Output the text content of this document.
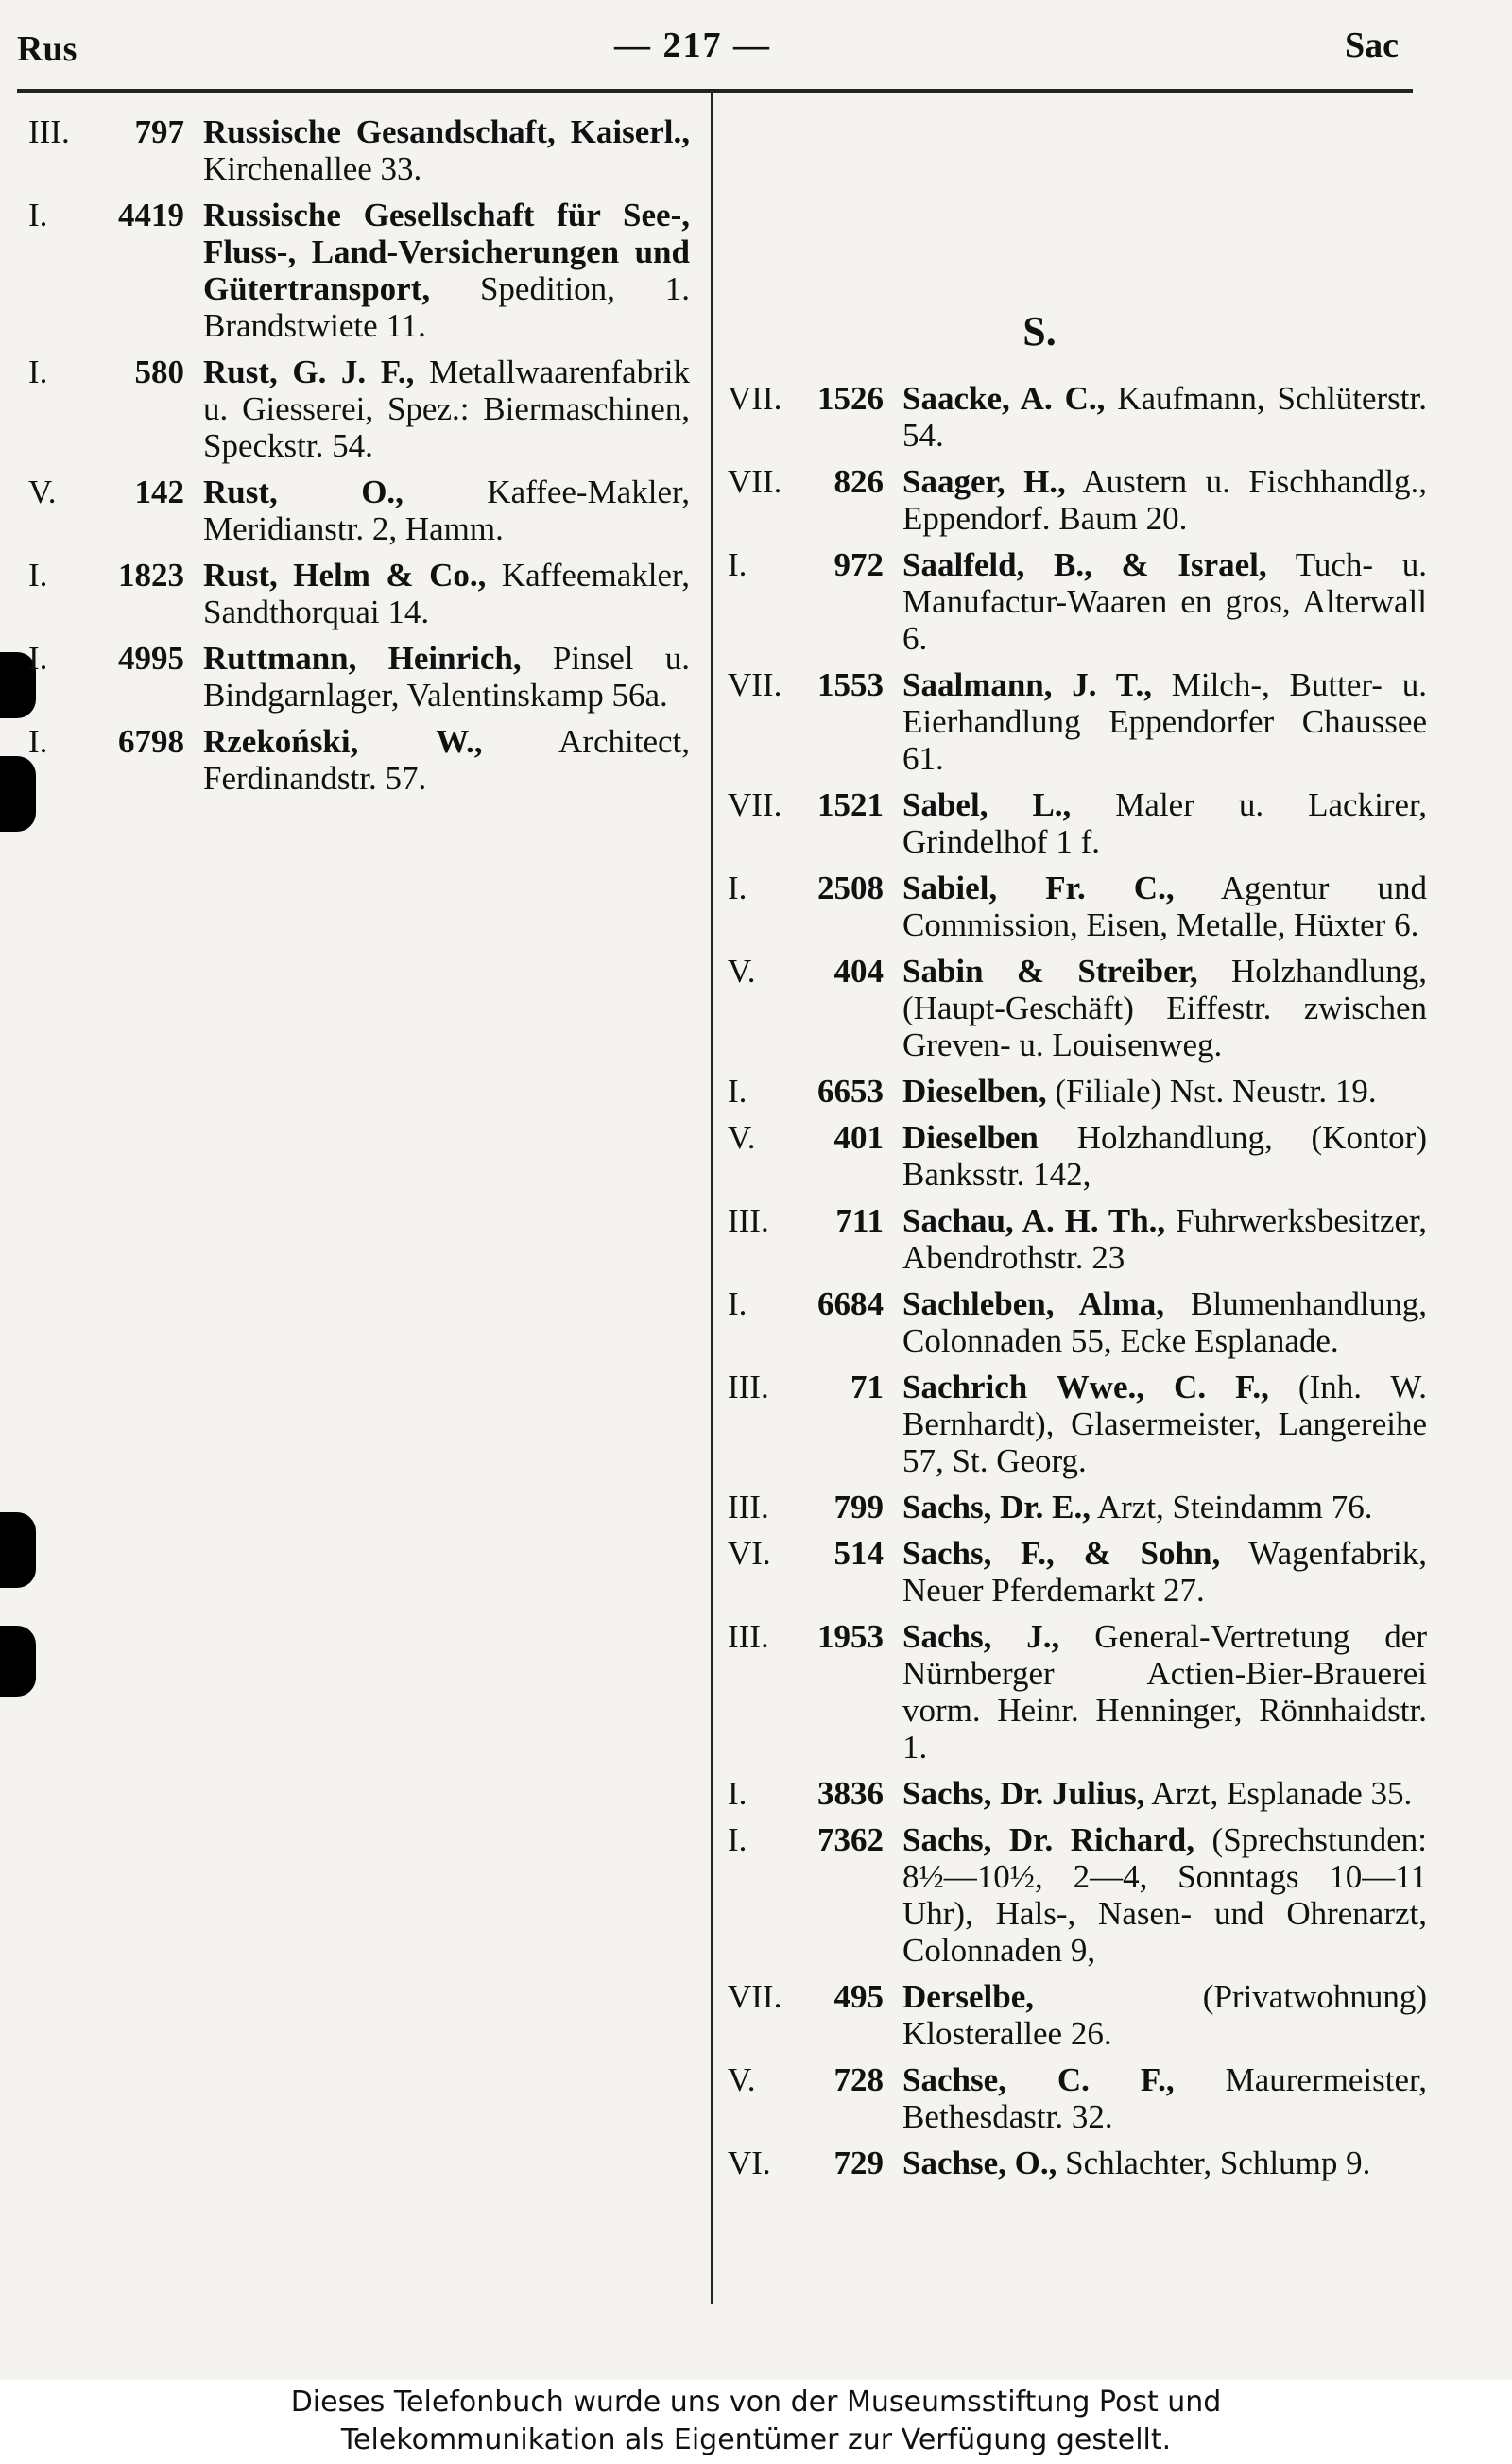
Rus	— 217 —	Sac
III.	797 Russische Gesandschaft, Kaiserl., Kirchenallee 33.
I.	4419 Russische Gesellschaft für See-, Fluss-, Land-Versicherungen und Gütertransport, Spedition, 1. Brandstwiete 11.
I.	580 Rust, G. J. F., Metallwaarenfabrik u. Giesserei, Spez.: Biermaschinen, Speckstr. 54.
V.	142 Rust, O., Kaffee-Makler, Meridianstr. 2, Hamm.
I.	1823 Rust, Helm & Co., Kaffeemakler, Sandthorquai 14.
I.	4995 Ruttmann, Heinrich, Pinsel u. Bindgarnlager, Valentinskamp 56a.
I.	6798 Rzekoński, W., Architect, Ferdinandstr. 57.
S.
VII.	1526 Saacke, A. C., Kaufmann, Schlüterstr. 54.
VII.	826 Saager, H., Austern u. Fischhandlg., Eppendorf. Baum 20.
I.	972 Saalfeld, B., & Israel, Tuch- u. Manufactur-Waaren en gros, Alterwall 6.
VII.	1553 Saalmann, J. T., Milch-, Butter- u. Eierhandlung Eppendorfer Chaussee 61.
VII.	1521 Sabel, L., Maler u. Lackirer, Grindelhof 1 f.
I.	2508 Sabiel, Fr. C., Agentur und Commission, Eisen, Metalle, Hüxter 6.
V.	404 Sabin & Streiber, Holzhandlung, (Haupt-Geschäft) Eiffestr. zwischen Greven- u. Louisenweg.
I.	6653 Dieselben, (Filiale) Nst. Neustr. 19.
V.	401 Dieselben Holzhandlung, (Kontor) Banksstr. 142,
III.	711 Sachau, A. H. Th., Fuhrwerksbesitzer, Abendrothstr. 23
I.	6684 Sachleben, Alma, Blumenhandlung, Colonnaden 55, Ecke Esplanade.
III.	71 Sachrich Wwe., C. F., (Inh. W. Bernhardt), Glasermeister, Langereihe 57, St. Georg.
III.	799 Sachs, Dr. E., Arzt, Steindamm 76.
VI.	514 Sachs, F., & Sohn, Wagenfabrik, Neuer Pferdemarkt 27.
III.	1953 Sachs, J., General-Vertretung der Nürnberger Actien-Bier-Brauerei vorm. Heinr. Henninger, Rönnhaidstr. 1.
I.	3836 Sachs, Dr. Julius, Arzt, Esplanade 35.
I.	7362 Sachs, Dr. Richard, (Sprechstunden: 8½—10½, 2—4, Sonntags 10—11 Uhr), Hals-, Nasen- und Ohrenarzt, Colonnaden 9,
VII.	495 Derselbe, (Privatwohnung) Klosterallee 26.
V.	728 Sachse, C. F., Maurermeister, Bethesdastr. 32.
VI.	729 Sachse, O., Schlachter, Schlump 9.
Dieses Telefonbuch wurde uns von der Museumsstiftung Post und
Telekommunikation als Eigentümer zur Verfügung gestellt.
